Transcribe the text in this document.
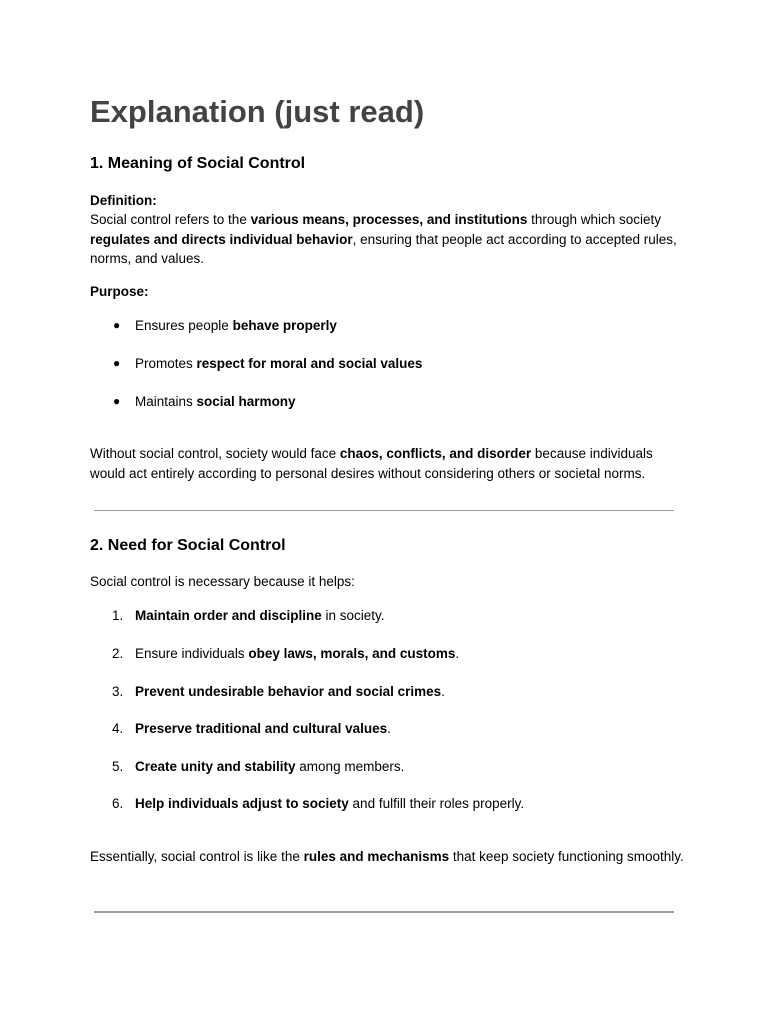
Explanation (just read)
1. Meaning of Social Control
Definition:

Social control refers to the various means, processes, and institutions through which society regulates and directs individual behavior, ensuring that people act according to accepted rules, norms, and values.

Purpose:
● Ensures people behave properly
● Promotes respect for moral and social values
● Maintains social harmony

Without social control, society would face chaos, conflicts, and disorder because individuals would act entirely according to personal desires without considering others or societal norms.

2. Need for Social Control

Social control is necessary because it helps:

1. Maintain order and discipline in society.
2. Ensure individuals obey laws, morals, and customs.
3. Prevent undesirable behavior and social crimes.
4. Preserve traditional and cultural values.
5. Create unity and stability among members.
6. Help individuals adjust to society and fulfill their roles properly.

Essentially, social control is like the rules and mechanisms that keep society functioning smoothly.
